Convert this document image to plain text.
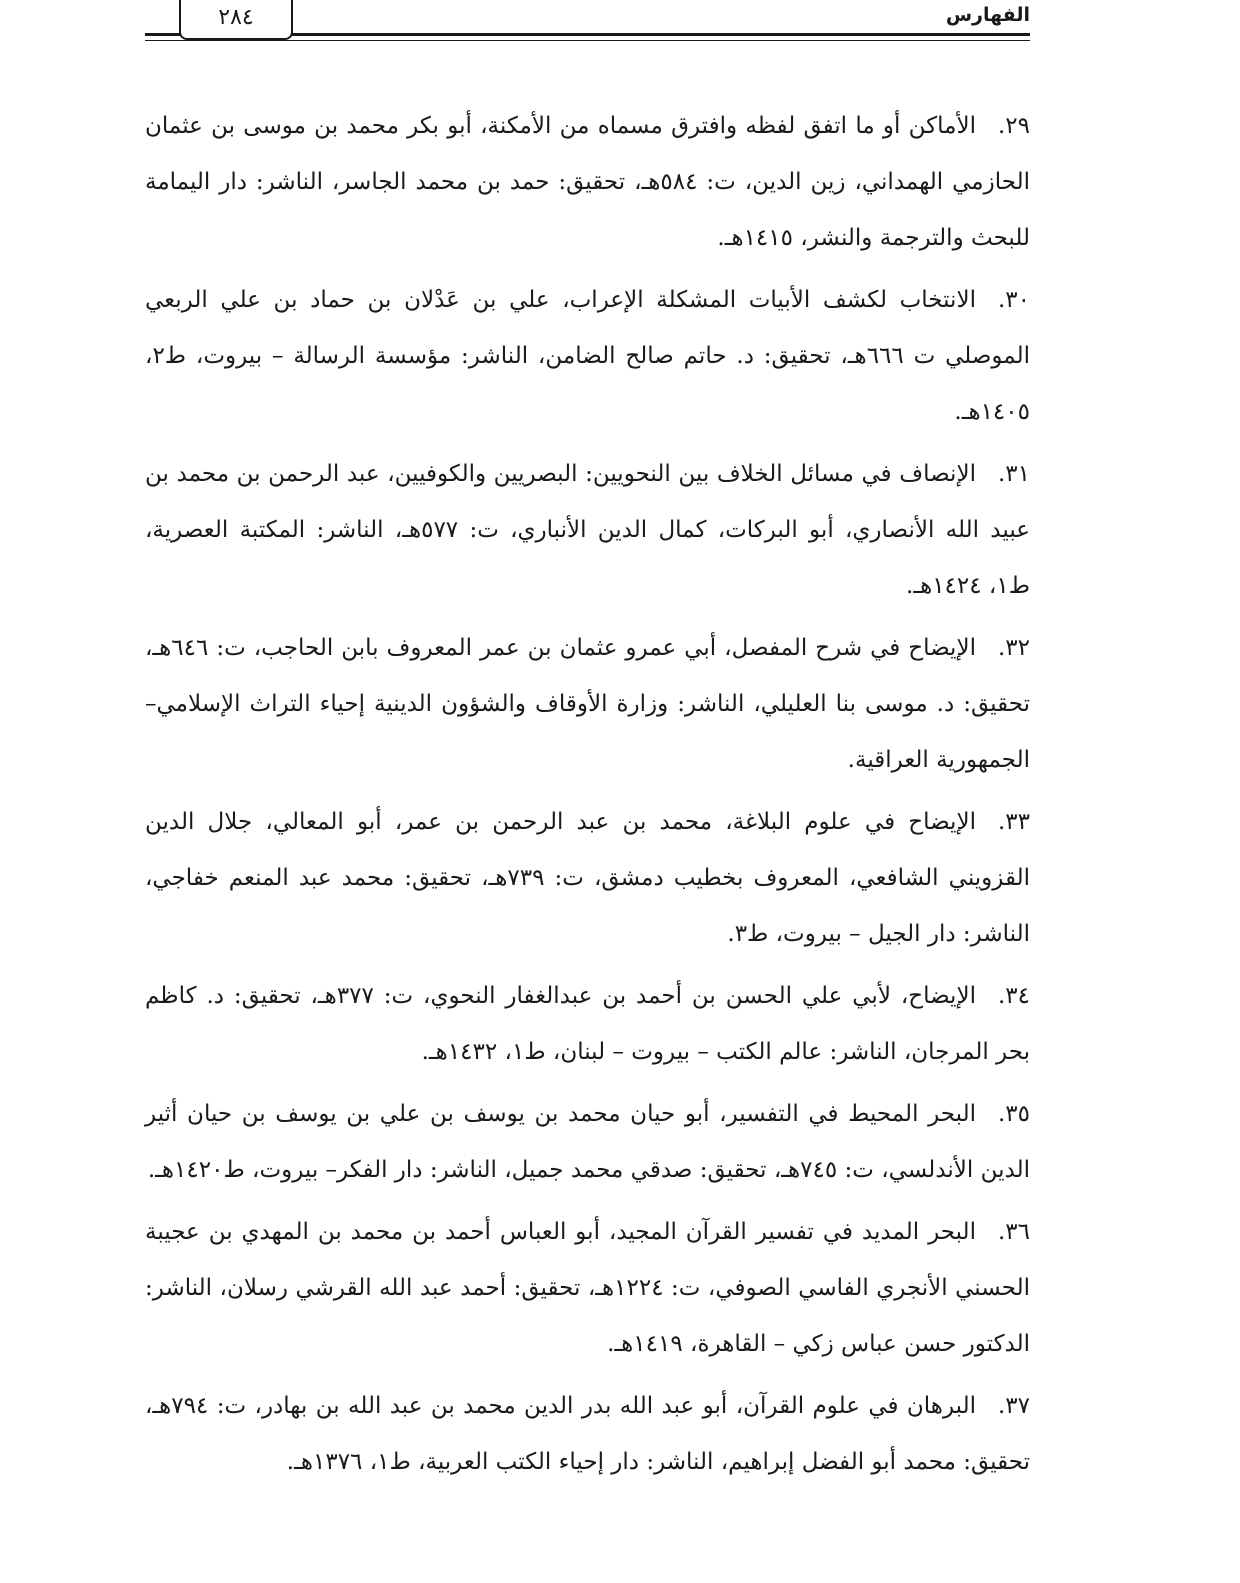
الفهارس
٢٨٤

٢٩.الأماكن أو ما اتفق لفظه وافترق مسماه من الأمكنة، أبو بكر محمد بن موسى بن عثمان الحازمي الهمداني، زين الدين، ت: ٥٨٤هـ، تحقيق: حمد بن محمد الجاسر، الناشر: دار اليمامة للبحث والترجمة والنشر، ١٤١٥هـ.

٣٠.الانتخاب لكشف الأبيات المشكلة الإعراب، علي بن عَدْلان بن حماد بن علي الربعي الموصلي ت ٦٦٦هـ، تحقيق: د. حاتم صالح الضامن، الناشر: مؤسسة الرسالة – بيروت، ط٢، ١٤٠٥هـ.

٣١.الإنصاف في مسائل الخلاف بين النحويين: البصريين والكوفيين، عبد الرحمن بن محمد بن عبيد الله الأنصاري، أبو البركات، كمال الدين الأنباري، ت: ٥٧٧هـ، الناشر: المكتبة العصرية، ط١، ١٤٢٤هـ.

٣٢.الإيضاح في شرح المفصل، أبي عمرو عثمان بن عمر المعروف بابن الحاجب، ت: ٦٤٦هـ، تحقيق: د. موسى بنا العليلي، الناشر: وزارة الأوقاف والشؤون الدينية إحياء التراث الإسلامي– الجمهورية العراقية.

٣٣.الإيضاح في علوم البلاغة، محمد بن عبد الرحمن بن عمر، أبو المعالي، جلال الدين القزويني الشافعي، المعروف بخطيب دمشق، ت: ٧٣٩هـ، تحقيق: محمد عبد المنعم خفاجي، الناشر: دار الجيل – بيروت، ط٣.

٣٤.الإيضاح، لأبي علي الحسن بن أحمد بن عبدالغفار النحوي، ت: ٣٧٧هـ، تحقيق: د. كاظم بحر المرجان، الناشر: عالم الكتب – بيروت – لبنان، ط١، ١٤٣٢هـ.

٣٥.البحر المحيط في التفسير، أبو حيان محمد بن يوسف بن علي بن يوسف بن حيان أثير الدين الأندلسي، ت: ٧٤٥هـ، تحقيق: صدقي محمد جميل، الناشر: دار الفكر– بيروت، ط١٤٢٠هـ.

٣٦.البحر المديد في تفسير القرآن المجيد، أبو العباس أحمد بن محمد بن المهدي بن عجيبة الحسني الأنجري الفاسي الصوفي، ت: ١٢٢٤هـ، تحقيق: أحمد عبد الله القرشي رسلان، الناشر: الدكتور حسن عباس زكي – القاهرة، ١٤١٩هـ.

٣٧.البرهان في علوم القرآن، أبو عبد الله بدر الدين محمد بن عبد الله بن بهادر، ت: ٧٩٤هـ، تحقيق: محمد أبو الفضل إبراهيم، الناشر: دار إحياء الكتب العربية، ط١، ١٣٧٦هـ.
